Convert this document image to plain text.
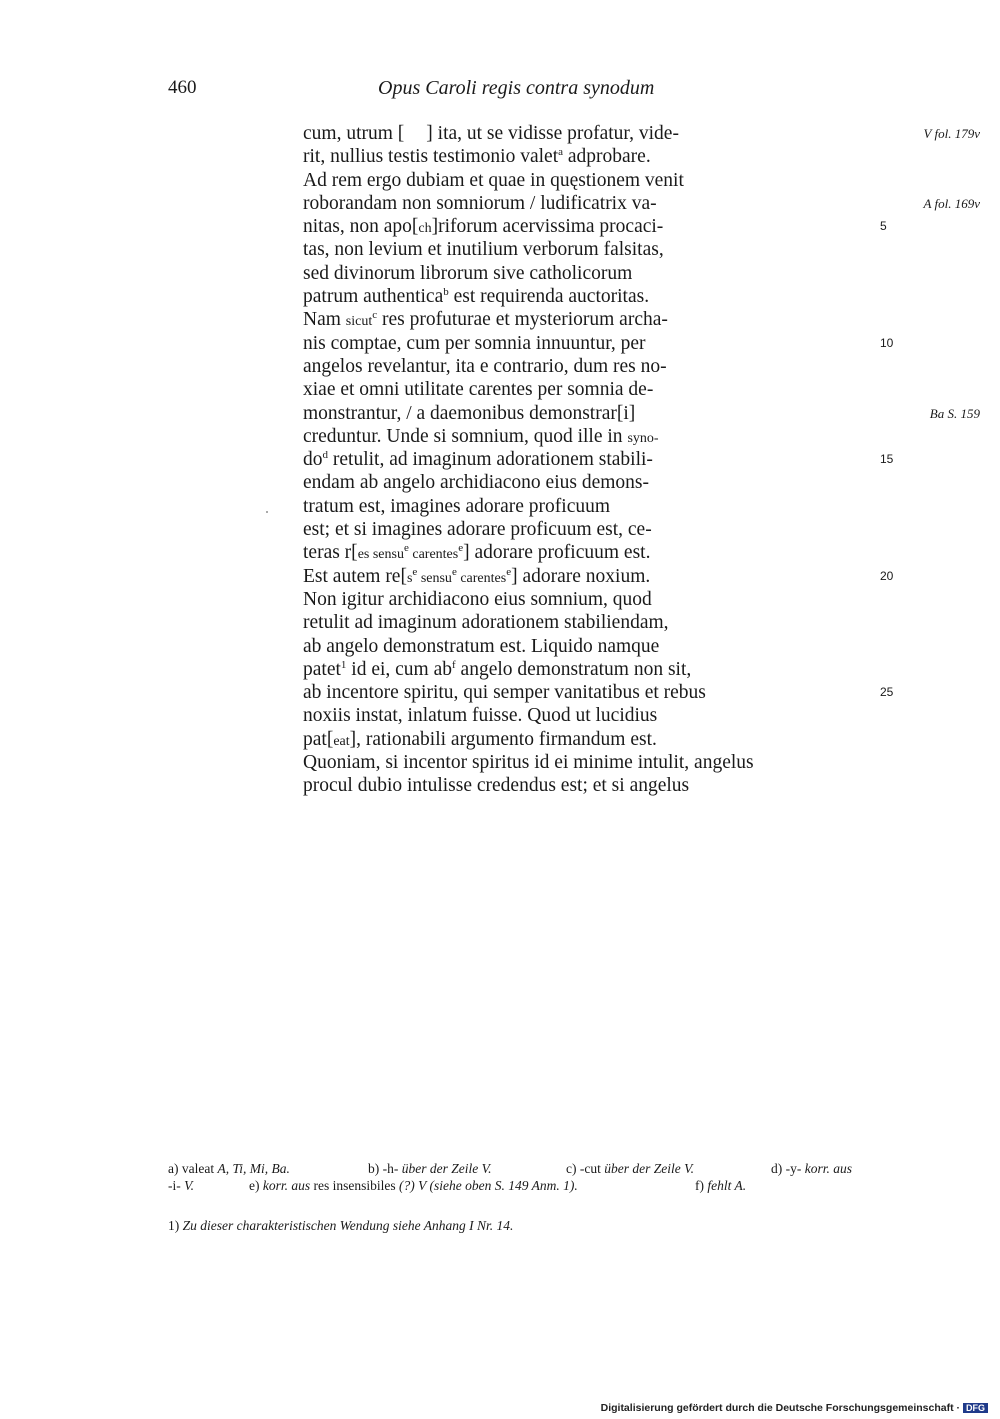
460	Opus Caroli regis contra synodum
cum, utrum [ ] ita, ut se vidisse profatur, vide-
rit, nullius testis testimonio valet$^a$ adprobare.
Ad rem ergo dubiam et quae in quęstionem venit
roborandam non somniorum / ludificatrix va-
nitas, non apo[ch]riforum acervissima procaci-
tas, non levium et inutilium verborum falsitas,
sed divinorum librorum sive catholicorum
patrum authentica$^b$ est requirenda auctoritas.
Nam sicut$^c$ res profuturae et mysteriorum archa-
nis comptae, cum per somnia innuuntur, per
angelos revelantur, ita e contrario, dum res no-
xiae et omni utilitate carentes per somnia de-
monstrantur, / a daemonibus demonstrar[i]
creduntur. Unde si somnium, quod ille in syno-
$do^d$ retulit, ad imaginum adorationem stabili-
endam ab angelo archidiacono eius demons-
tratum est, imagines adorare proficuum
est; et si imagines adorare proficuum est, ce-
teras r[es sensu$^e$ carentes$^e$] adorare proficuum est.
Est autem $re[s^e$ sensu$^e$ carentes$^e$] adorare noxium.
Non igitur archidiacono eius somnium, quod
retulit ad imaginum adorationem stabiliendam,
ab angelo demonstratum est. Liquido namque
patet$^1$ id ei, cum $ab^f$ angelo demonstratum non sit,
ab incentore spiritu, qui semper vanitatibus et rebus
noxiis instat, inlatum fuisse. Quod ut lucidius
pat[eat], rationabili argumento firmandum est.
Quoniam, si incentor spiritus id ei minime intulit, angelus
procul dubio intulisse credendus est; et si angelus
5
10
15
20
25
V fol. 179v
A fol. 169v
Ba S. 159
a) valeat A, Ti, Mi, Ba.	b) -h- über der Zeile V.	c) -cut über der Zeile V.	d) -y- korr. aus
-i- V.	e) korr. aus res insensibiles (?) V (siehe oben S. 149 Anm. 1).	f) fehlt A.
1) Zu dieser charakteristischen Wendung siehe Anhang I Nr. 14.
Digitalisierung gefördert durch die Deutsche Forschungsgemeinschaft · DFG
